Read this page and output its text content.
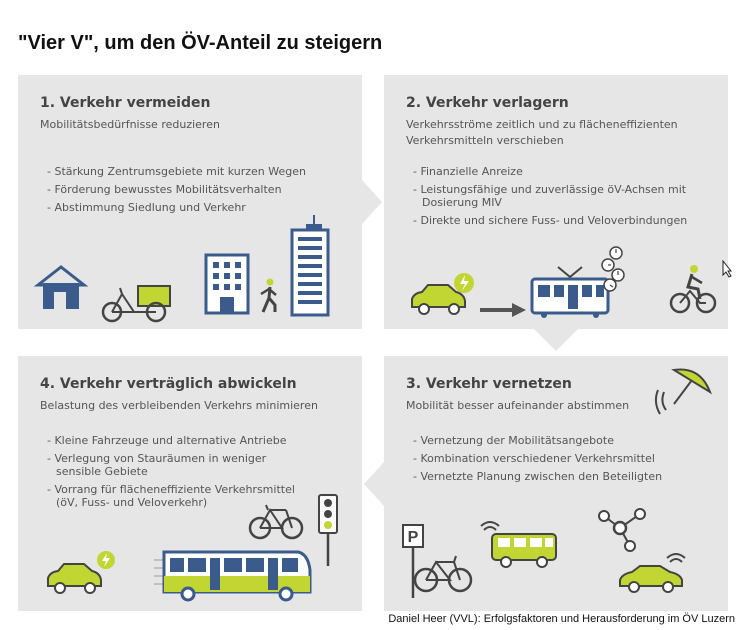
"Vier V", um den ÖV-Anteil zu steigern
1. Verkehr vermeiden
Mobilitätsbedürfnisse reduzieren
- Stärkung Zentrumsgebiete mit kurzen Wegen
- Förderung bewusstes Mobilitätsverhalten
- Abstimmung Siedlung und Verkehr
2. Verkehr verlagern
Verkehrsströme zeitlich und zu flächeneffizienten Verkehrsmitteln verschieben
- Finanzielle Anreize
- Leistungsfähige und zuverlässige öV-Achsen mit Dosierung MIV
- Direkte und sichere Fuss- und Veloverbindungen
3. Verkehr vernetzen
Mobilität besser aufeinander abstimmen
- Vernetzung der Mobilitätsangebote
- Kombination verschiedener Verkehrsmittel
- Vernetzte Planung zwischen den Beteiligten
P
4. Verkehr verträglich abwickeln
Belastung des verbleibenden Verkehrs minimieren
- Kleine Fahrzeuge und alternative Antriebe
- Verlegung von Stauräumen in weniger sensible Gebiete
- Vorrang für flächeneffiziente Verkehrsmittel (öV, Fuss- und Veloverkehr)
Daniel Heer (VVL): Erfolgsfaktoren und Herausforderung im ÖV Luzern
